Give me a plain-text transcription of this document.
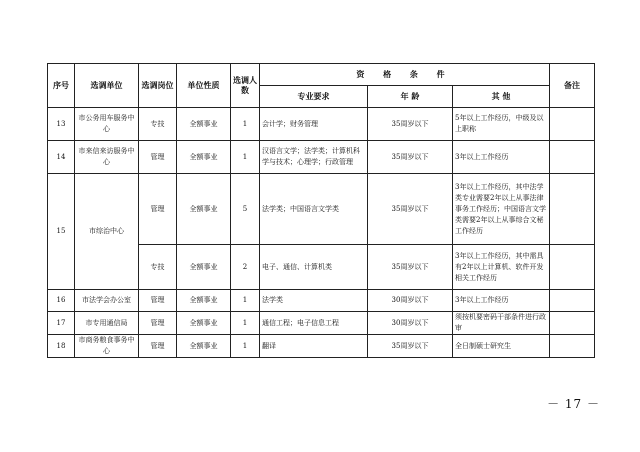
序号	选调单位	选调岗位	单位性质	选调人数	资 格 条 件			备注
					专业要求	年 龄	其 他	
13	市公务用车服务中心	专技	全额事业	1	会计学；财务管理	35周岁以下	5年以上工作经历，中级及以上职称	
14	市来信来访服务中心	管理	全额事业	1	汉语言文学；法学类；计算机科学与技术；心理学；行政管理	35周岁以下	3年以上工作经历	
15	市综治中心	管理	全额事业	5	法学类；中国语言文学类	35周岁以下	3年以上工作经历，其中法学类专业需要2年以上从事法律事务工作经历；中国语言文学类需要2年以上从事综合文秘工作经历	
		专技	全额事业	2	电子、通信、计算机类	35周岁以下	3年以上工作经历，其中需具有2年以上计算机、软件开发相关工作经历	
16	市法学会办公室	管理	全额事业	1	法学类	30周岁以下	3年以上工作经历	
17	市专用通信局	管理	全额事业	1	通信工程；电子信息工程	30周岁以下	须按机要密码干部条件进行政审	
18	市商务粮食事务中心	管理	全额事业	1	翻译	35周岁以下	全日制硕士研究生	
－ 17 －
